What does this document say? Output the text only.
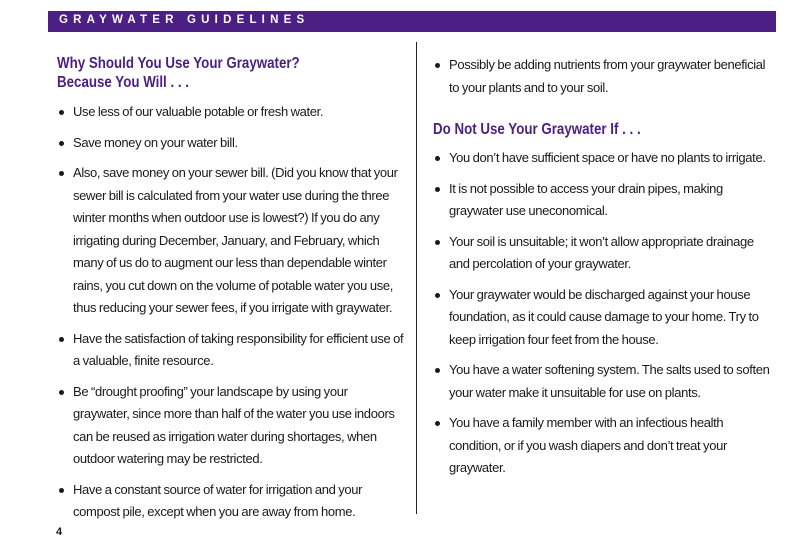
GRAYWATER GUIDELINES
Why Should You Use Your Graywater?
Because You Will . . .
Use less of our valuable potable or fresh water.
Save money on your water bill.
Also, save money on your sewer bill. (Did you know that your sewer bill is calculated from your water use during the three winter months when outdoor use is lowest?) If you do any irrigating during December, January, and February, which many of us do to augment our less than dependable winter rains, you cut down on the volume of potable water you use, thus reducing your sewer fees, if you irrigate with graywater.
Have the satisfaction of taking responsibility for efficient use of a valuable, finite resource.
Be “drought proofing” your landscape by using your graywater, since more than half of the water you use indoors can be reused as irrigation water during shortages, when outdoor watering may be restricted.
Have a constant source of water for irrigation and your compost pile, except when you are away from home.
Possibly be adding nutrients from your graywater beneficial to your plants and to your soil.
Do Not Use Your Graywater If . . .
You don’t have sufficient space or have no plants to irrigate.
It is not possible to access your drain pipes, making graywater use uneconomical.
Your soil is unsuitable; it won’t allow appropriate drainage and percolation of your graywater.
Your graywater would be discharged against your house foundation, as it could cause damage to your home. Try to keep irrigation four feet from the house.
You have a water softening system. The salts used to soften your water make it unsuitable for use on plants.
You have a family member with an infectious health condition, or if you wash diapers and don’t treat your graywater.
4
